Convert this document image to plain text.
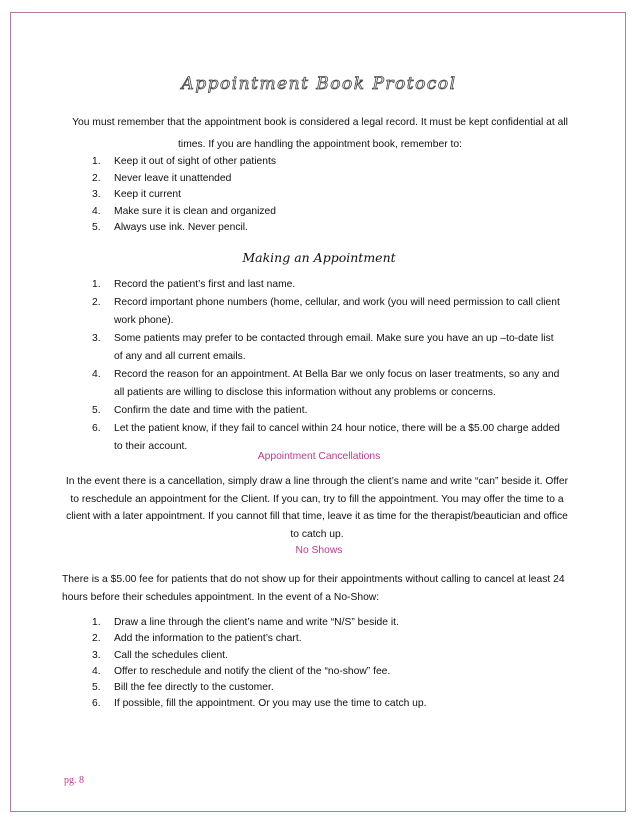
Appointment Book Protocol
You must remember that the appointment book is considered a legal record. It must be kept confidential at all times. If you are handling the appointment book, remember to:
1. Keep it out of sight of other patients
2. Never leave it unattended
3. Keep it current
4. Make sure it is clean and organized
5. Always use ink. Never pencil.
Making an Appointment
1. Record the patient’s first and last name.
2. Record important phone numbers (home, cellular, and work (you will need permission to call client work phone).
3. Some patients may prefer to be contacted through email. Make sure you have an up –to-date list of any and all current emails.
4. Record the reason for an appointment. At Bella Bar we only focus on laser treatments, so any and all patients are willing to disclose this information without any problems or concerns.
5. Confirm the date and time with the patient.
6. Let the patient know, if they fail to cancel within 24 hour notice, there will be a $5.00 charge added to their account.
Appointment Cancellations
In the event there is a cancellation, simply draw a line through the client’s name and write “can” beside it. Offer to reschedule an appointment for the Client. If you can, try to fill the appointment. You may offer the time to a client with a later appointment. If you cannot fill that time, leave it as time for the therapist/beautician and office to catch up.
No Shows
There is a $5.00 fee for patients that do not show up for their appointments without calling to cancel at least 24 hours before their schedules appointment. In the event of a No-Show:
1. Draw a line through the client’s name and write “N/S” beside it.
2. Add the information to the patient’s chart.
3. Call the schedules client.
4. Offer to reschedule and notify the client of the “no-show” fee.
5. Bill the fee directly to the customer.
6. If possible, fill the appointment. Or you may use the time to catch up.
pg. 8
